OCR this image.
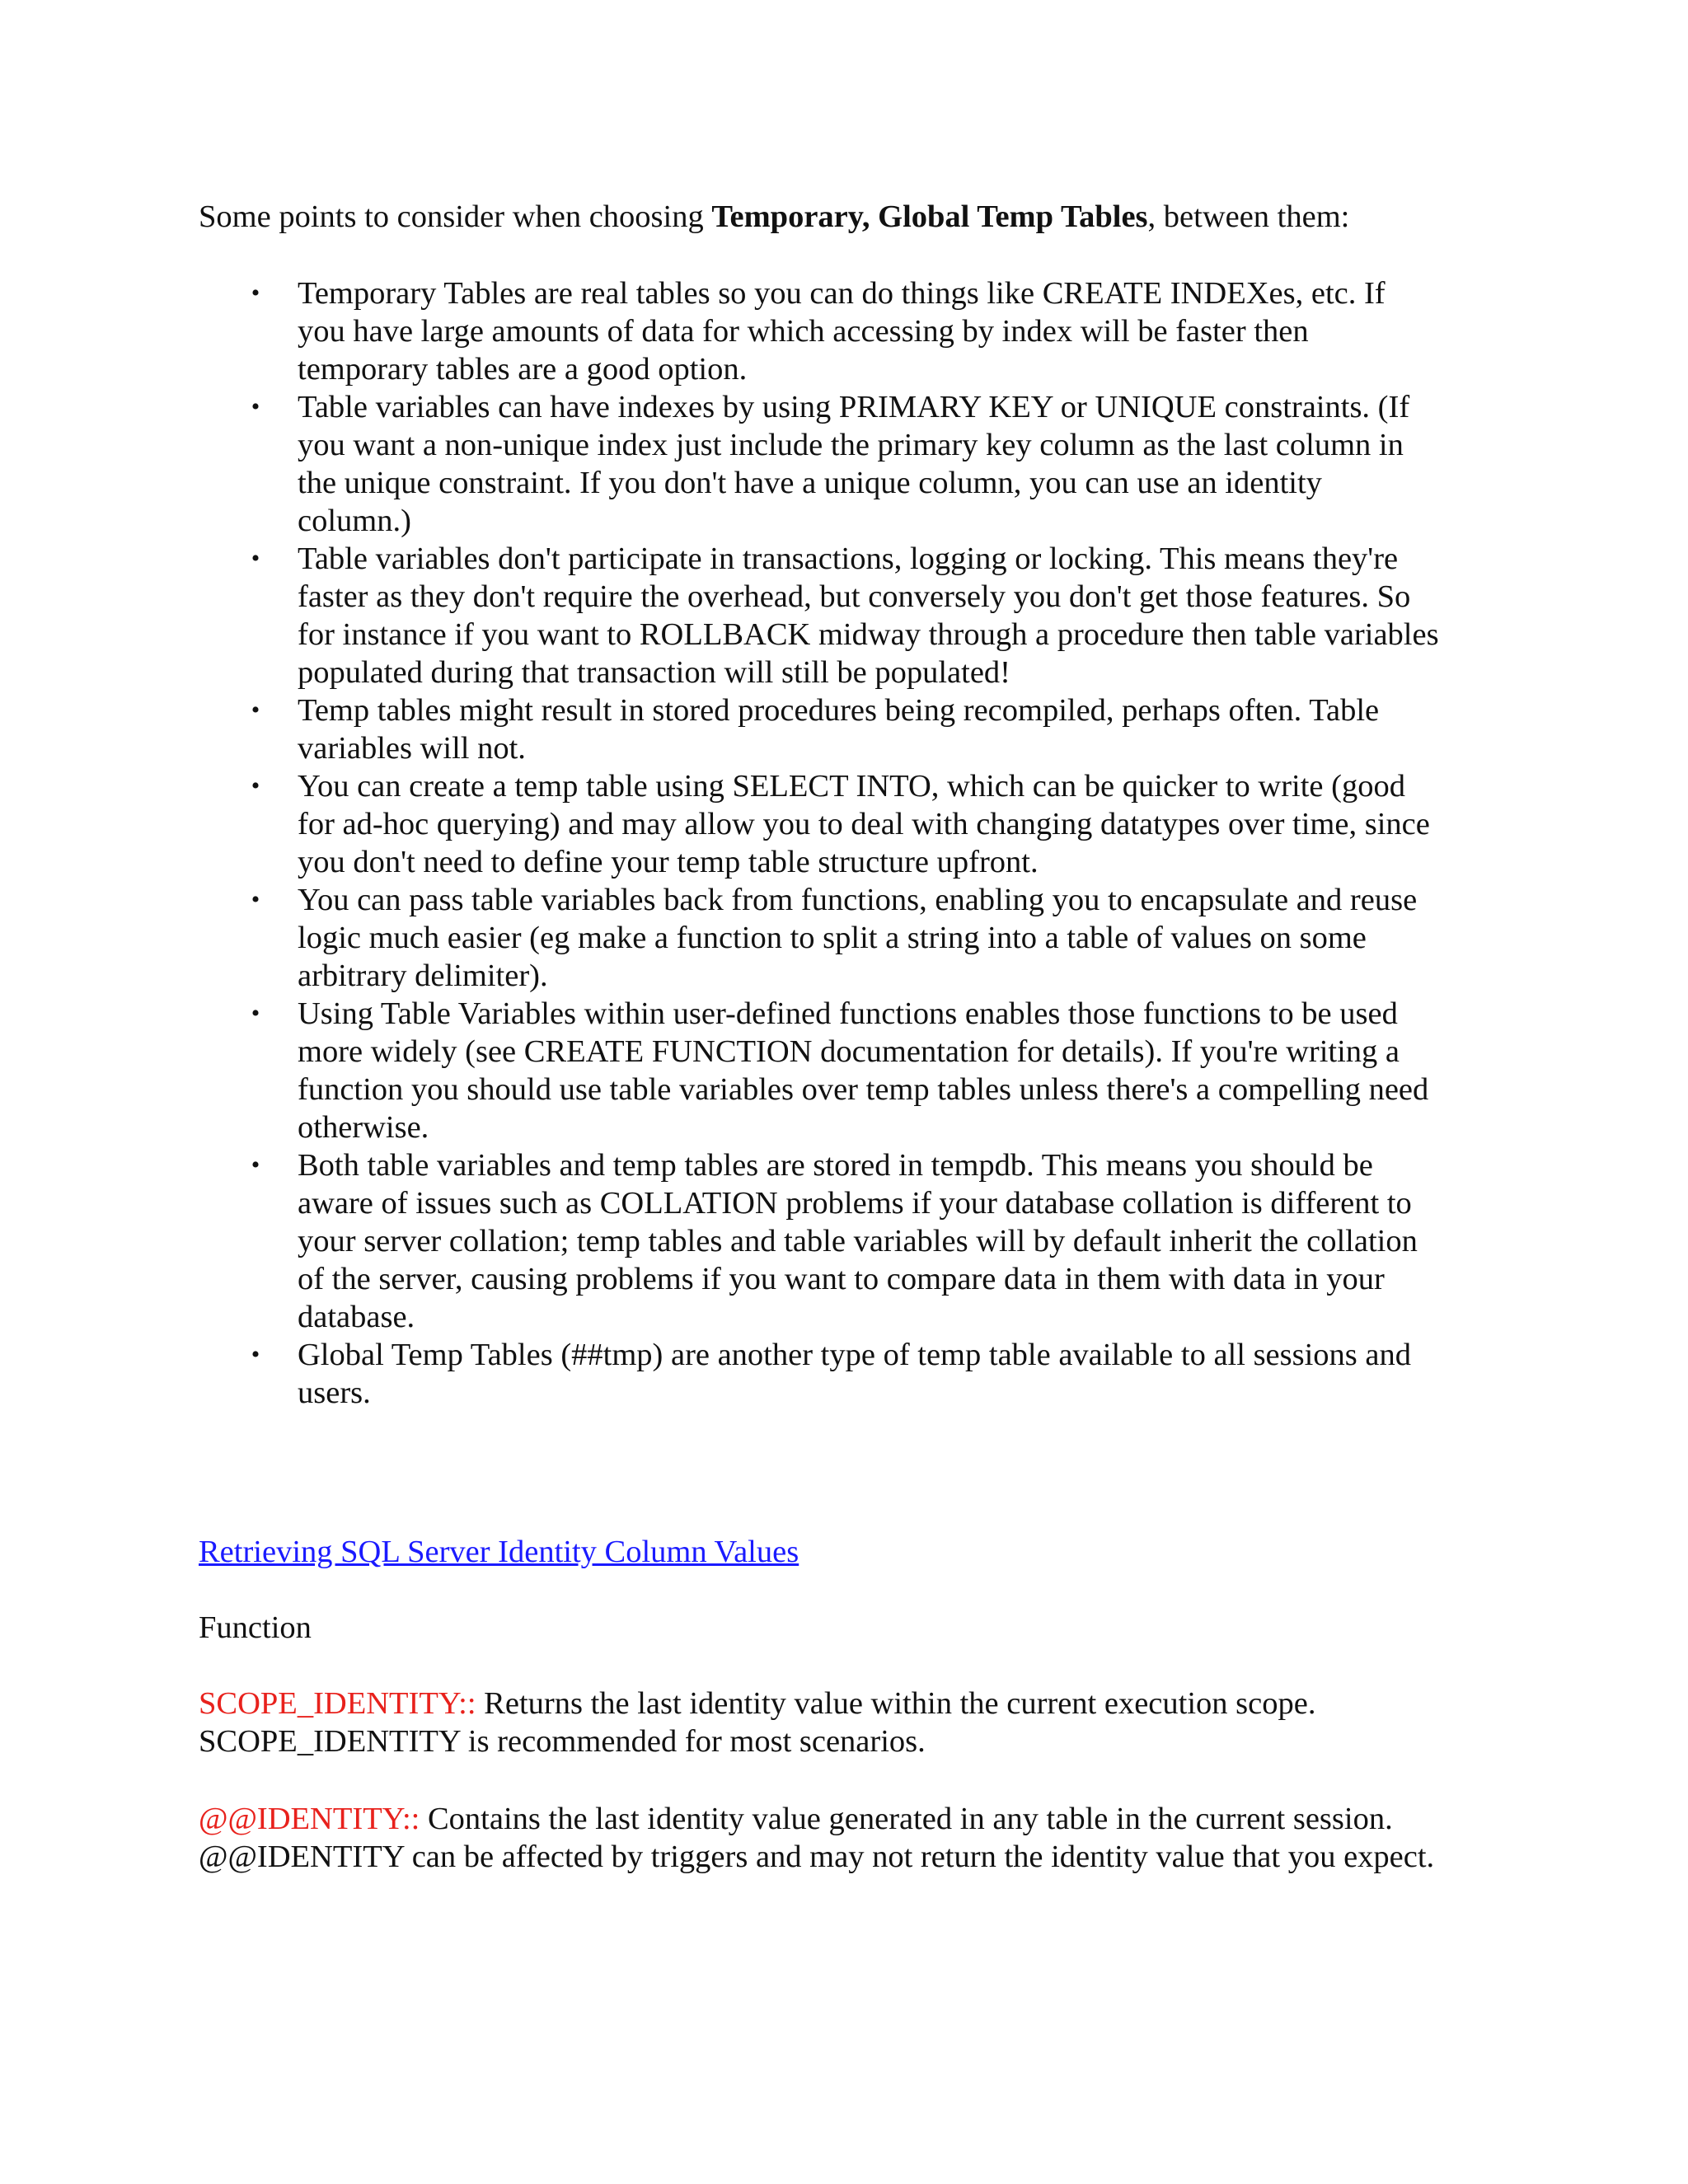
Some points to consider when choosing Temporary, Global Temp Tables, between them:

• Temporary Tables are real tables so you can do things like CREATE INDEXes, etc. If
you have large amounts of data for which accessing by index will be faster then
temporary tables are a good option.
• Table variables can have indexes by using PRIMARY KEY or UNIQUE constraints. (If
you want a non-unique index just include the primary key column as the last column in
the unique constraint. If you don't have a unique column, you can use an identity
column.)
• Table variables don't participate in transactions, logging or locking. This means they're
faster as they don't require the overhead, but conversely you don't get those features. So
for instance if you want to ROLLBACK midway through a procedure then table variables
populated during that transaction will still be populated!
• Temp tables might result in stored procedures being recompiled, perhaps often. Table
variables will not.
• You can create a temp table using SELECT INTO, which can be quicker to write (good
for ad-hoc querying) and may allow you to deal with changing datatypes over time, since
you don't need to define your temp table structure upfront.
• You can pass table variables back from functions, enabling you to encapsulate and reuse
logic much easier (eg make a function to split a string into a table of values on some
arbitrary delimiter).
• Using Table Variables within user-defined functions enables those functions to be used
more widely (see CREATE FUNCTION documentation for details). If you're writing a
function you should use table variables over temp tables unless there's a compelling need
otherwise.
• Both table variables and temp tables are stored in tempdb. This means you should be
aware of issues such as COLLATION problems if your database collation is different to
your server collation; temp tables and table variables will by default inherit the collation
of the server, causing problems if you want to compare data in them with data in your
database.
• Global Temp Tables (##tmp) are another type of temp table available to all sessions and
users.
Retrieving SQL Server Identity Column Values
Function
SCOPE_IDENTITY:: Returns the last identity value within the current execution scope.
SCOPE_IDENTITY is recommended for most scenarios.
@@IDENTITY:: Contains the last identity value generated in any table in the current session.
@@IDENTITY can be affected by triggers and may not return the identity value that you expect.
